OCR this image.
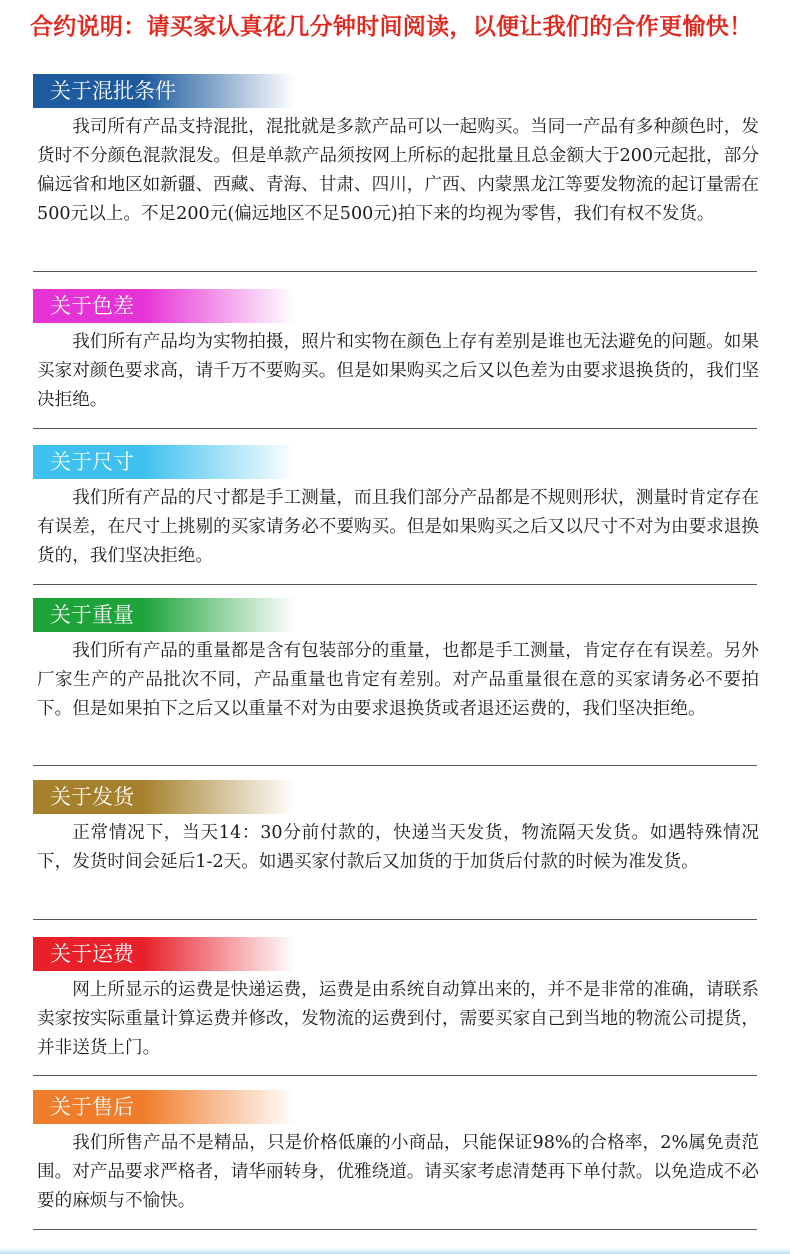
合约说明：请买家认真花几分钟时间阅读，以便让我们的合作更愉快！
关于混批条件

我司所有产品支持混批，混批就是多款产品可以一起购买。当同一产品有多种颜色时，发货时不分颜色混款混发。但是单款产品须按网上所标的起批量且总金额大于200元起批，部分偏远省和地区如新疆、西藏、青海、甘肃、四川，广西、内蒙黑龙江等要发物流的起订量需在500元以上。不足200元(偏远地区不足500元)拍下来的均视为零售，我们有权不发货。

关于色差

我们所有产品均为实物拍摄，照片和实物在颜色上存有差别是谁也无法避免的问题。如果买家对颜色要求高，请千万不要购买。但是如果购买之后又以色差为由要求退换货的，我们坚决拒绝。

关于尺寸

我们所有产品的尺寸都是手工测量，而且我们部分产品都是不规则形状，测量时肯定存在有误差，在尺寸上挑剔的买家请务必不要购买。但是如果购买之后又以尺寸不对为由要求退换货的，我们坚决拒绝。

关于重量

我们所有产品的重量都是含有包装部分的重量，也都是手工测量，肯定存在有误差。另外厂家生产的产品批次不同，产品重量也肯定有差别。对产品重量很在意的买家请务必不要拍下。但是如果拍下之后又以重量不对为由要求退换货或者退还运费的，我们坚决拒绝。

关于发货

正常情况下，当天14：30分前付款的，快递当天发货，物流隔天发货。如遇特殊情况下，发货时间会延后1-2天。如遇买家付款后又加货的于加货后付款的时候为准发货。

关于运费

网上所显示的运费是快递运费，运费是由系统自动算出来的，并不是非常的准确，请联系卖家按实际重量计算运费并修改，发物流的运费到付，需要买家自己到当地的物流公司提货，并非送货上门。

关于售后

我们所售产品不是精品，只是价格低廉的小商品，只能保证98%的合格率，2%属免责范围。对产品要求严格者，请华丽转身，优雅绕道。请买家考虑清楚再下单付款。以免造成不必要的麻烦与不愉快。
